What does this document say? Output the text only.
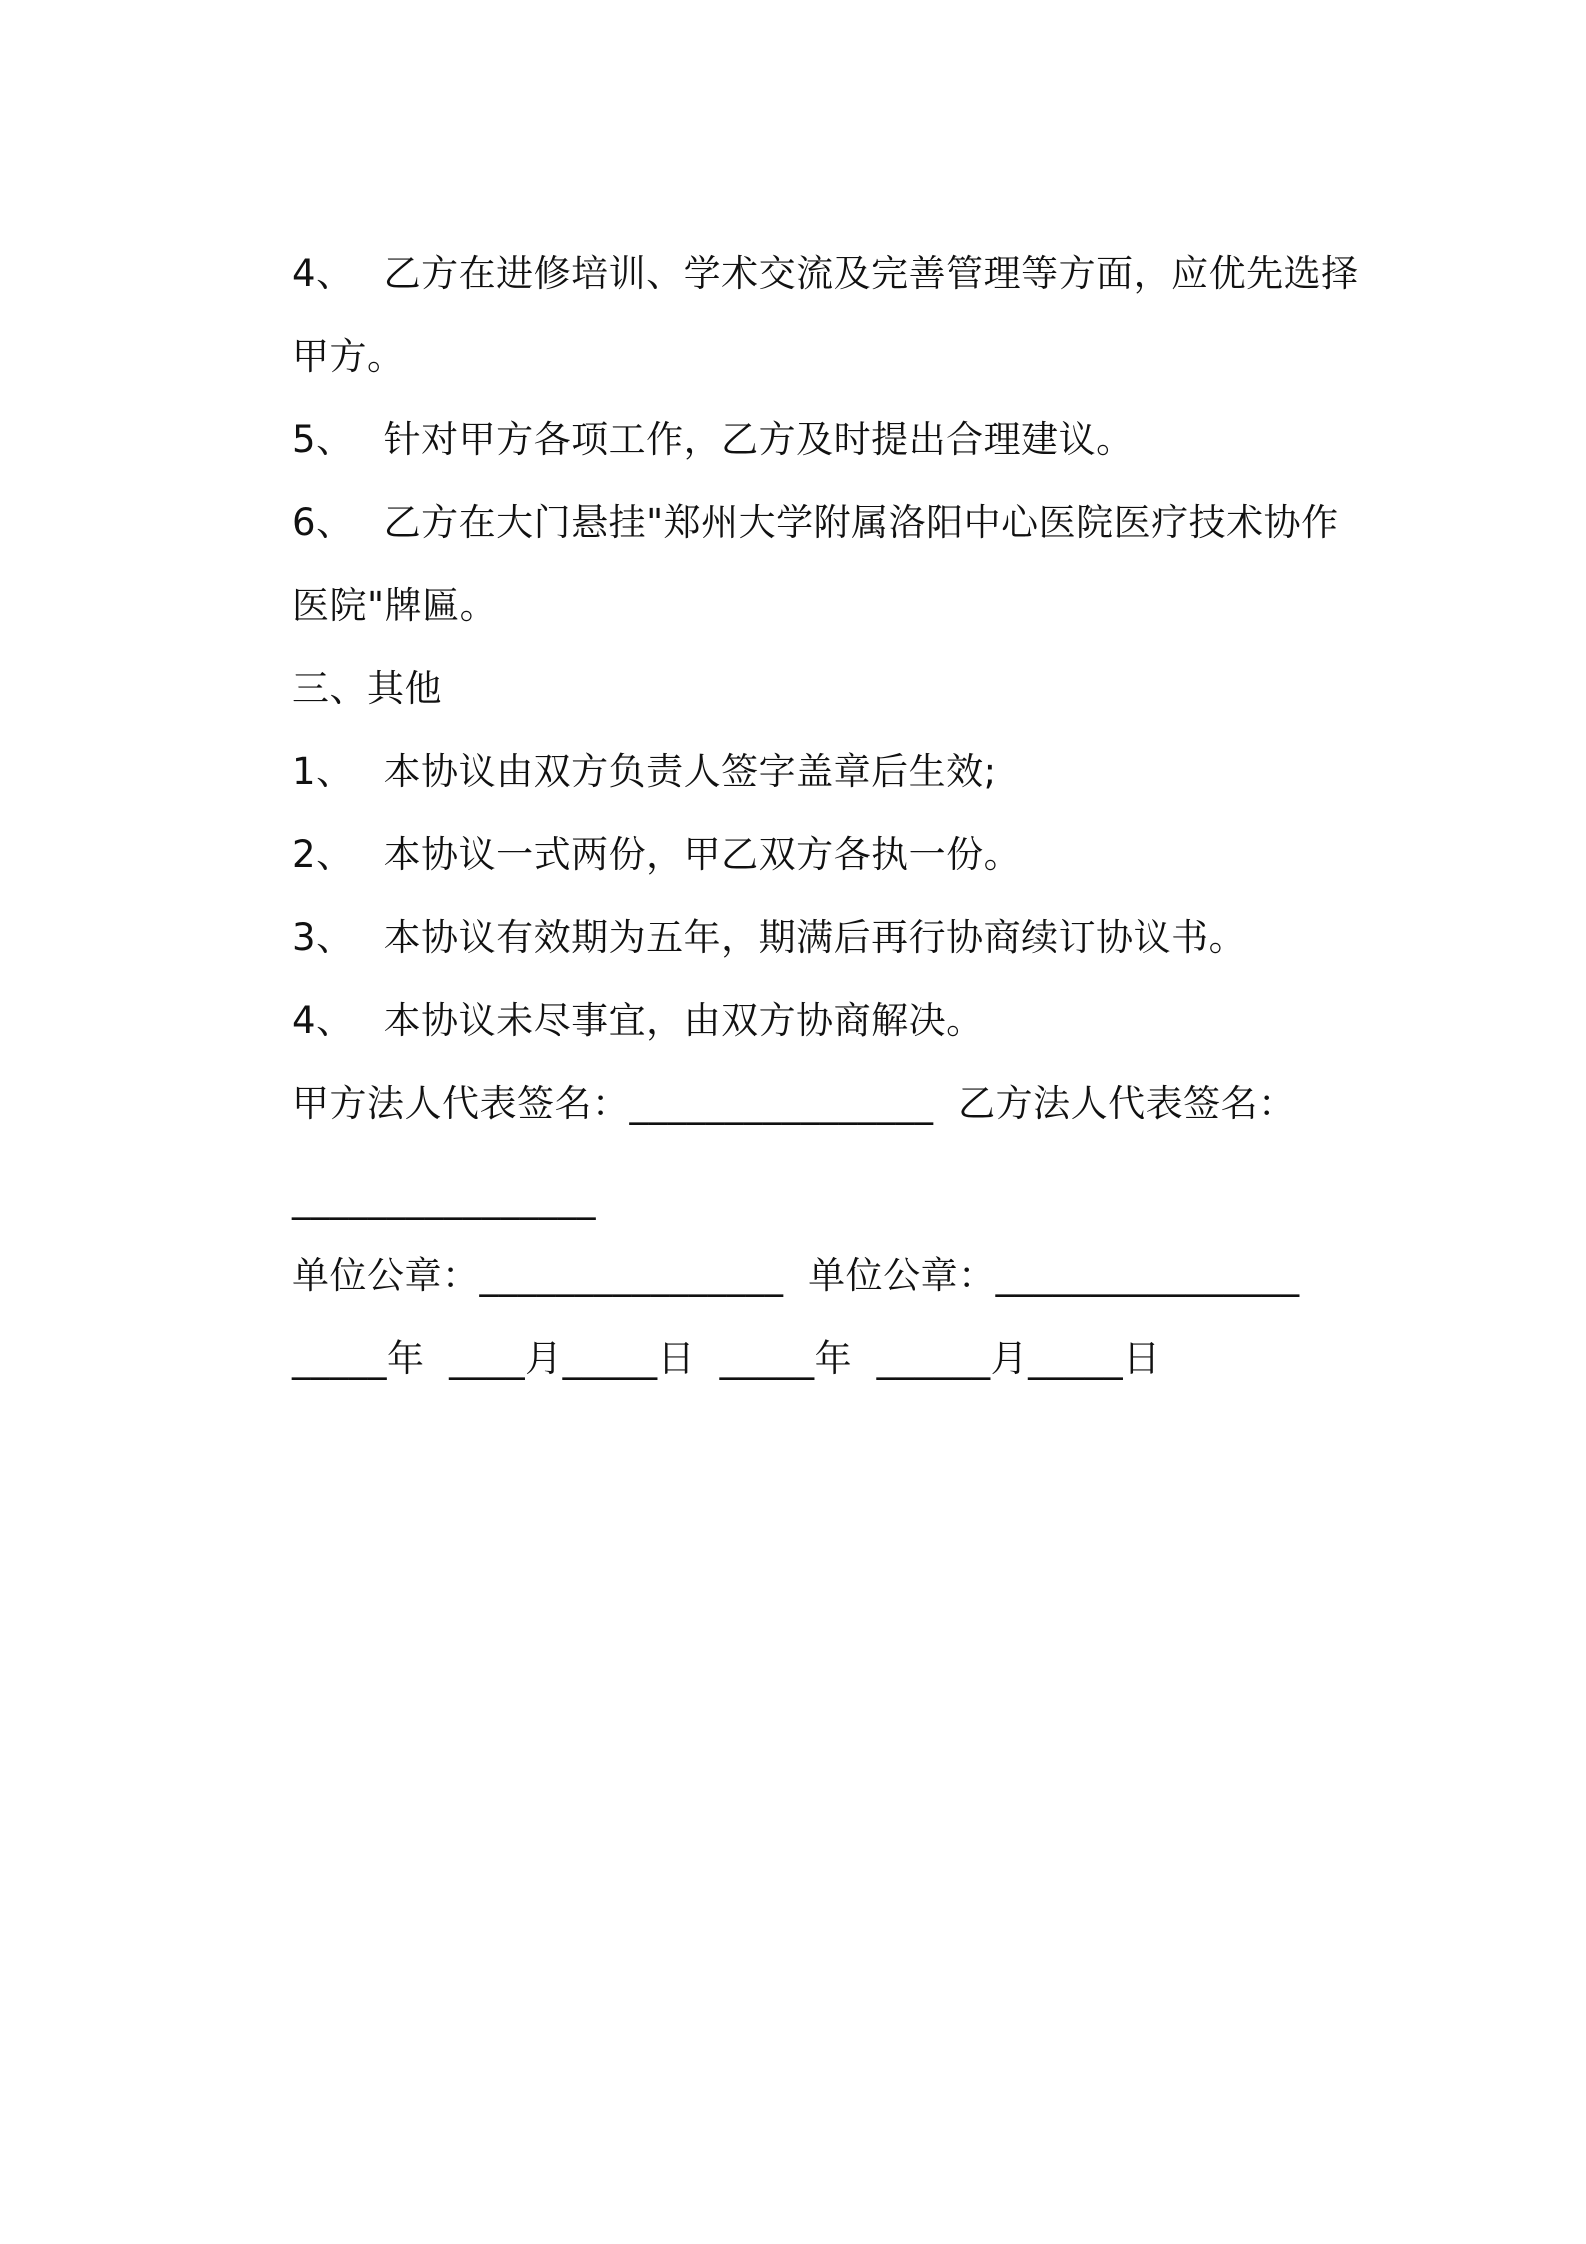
4、 乙方在进修培训、学术交流及完善管理等方面，应优先选择

甲方。

5、 针对甲方各项工作，乙方及时提出合理建议。

6、 乙方在大门悬挂"郑州大学附属洛阳中心医院医疗技术协作

医院"牌匾。

三、其他

1、 本协议由双方负责人签字盖章后生效;

2、 本协议一式两份，甲乙双方各执一份。

3、 本协议有效期为五年，期满后再行协商续订协议书。

4、 本协议未尽事宜，由双方协商解决。

甲方法人代表签名：________________  乙方法人代表签名：

________________

单位公章：________________  单位公章：________________

_____年  ____月_____日  _____年  ______月_____日
